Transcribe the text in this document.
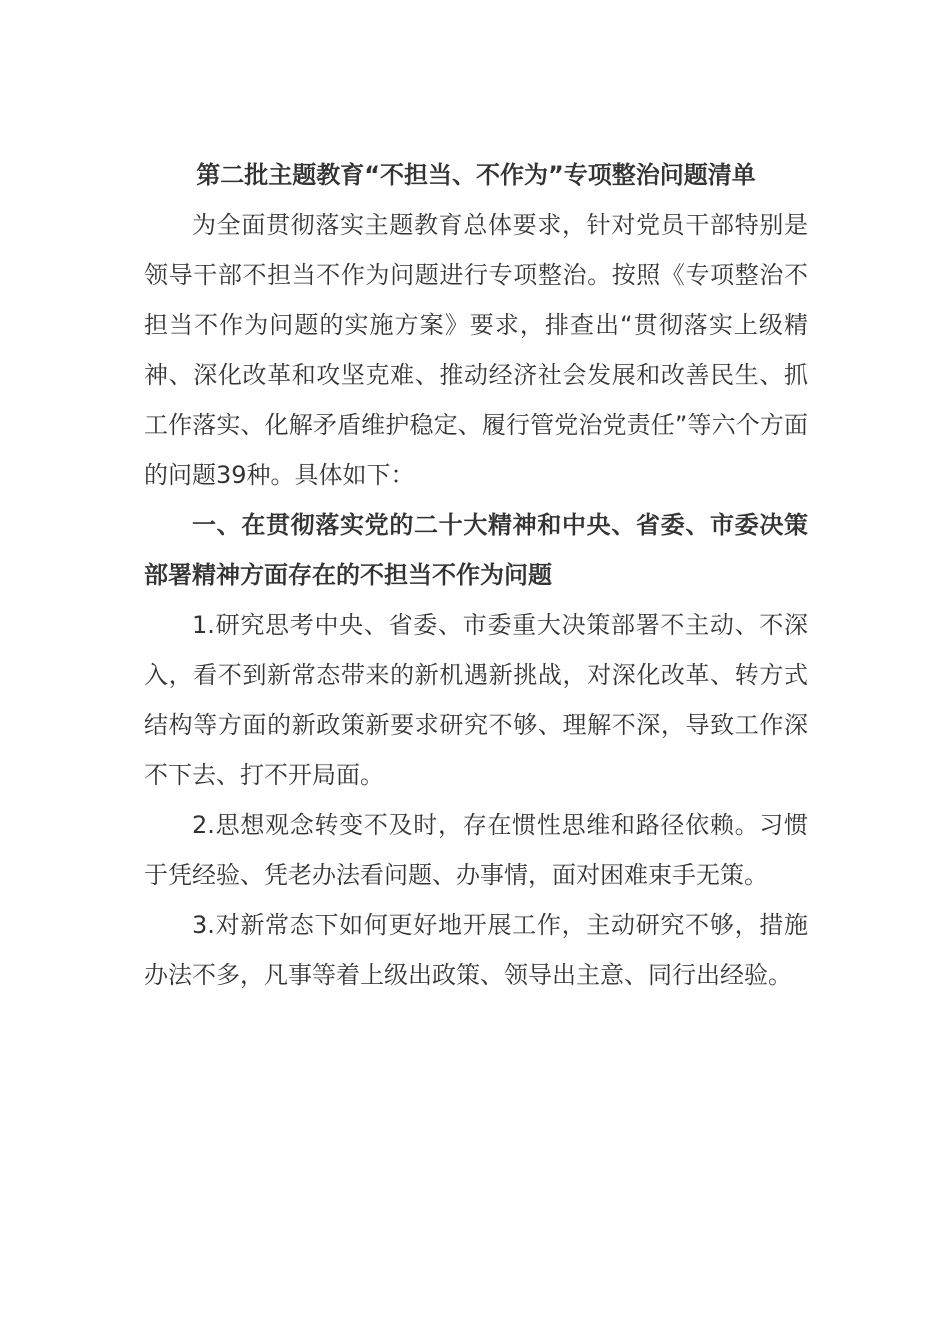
第二批主题教育“不担当、不作为”专项整治问题清单

为全面贯彻落实主题教育总体要求，针对党员干部特别是领导干部不担当不作为问题进行专项整治。按照《专项整治不担当不作为问题的实施方案》要求，排查出“贯彻落实上级精神、深化改革和攻坚克难、推动经济社会发展和改善民生、抓工作落实、化解矛盾维护稳定、履行管党治党责任”等六个方面的问题39种。具体如下：

一、在贯彻落实党的二十大精神和中央、省委、市委决策部署精神方面存在的不担当不作为问题

1.研究思考中央、省委、市委重大决策部署不主动、不深入，看不到新常态带来的新机遇新挑战，对深化改革、转方式结构等方面的新政策新要求研究不够、理解不深，导致工作深不下去、打不开局面。

2.思想观念转变不及时，存在惯性思维和路径依赖。习惯于凭经验、凭老办法看问题、办事情，面对困难束手无策。

3.对新常态下如何更好地开展工作，主动研究不够，措施办法不多，凡事等着上级出政策、领导出主意、同行出经验。
